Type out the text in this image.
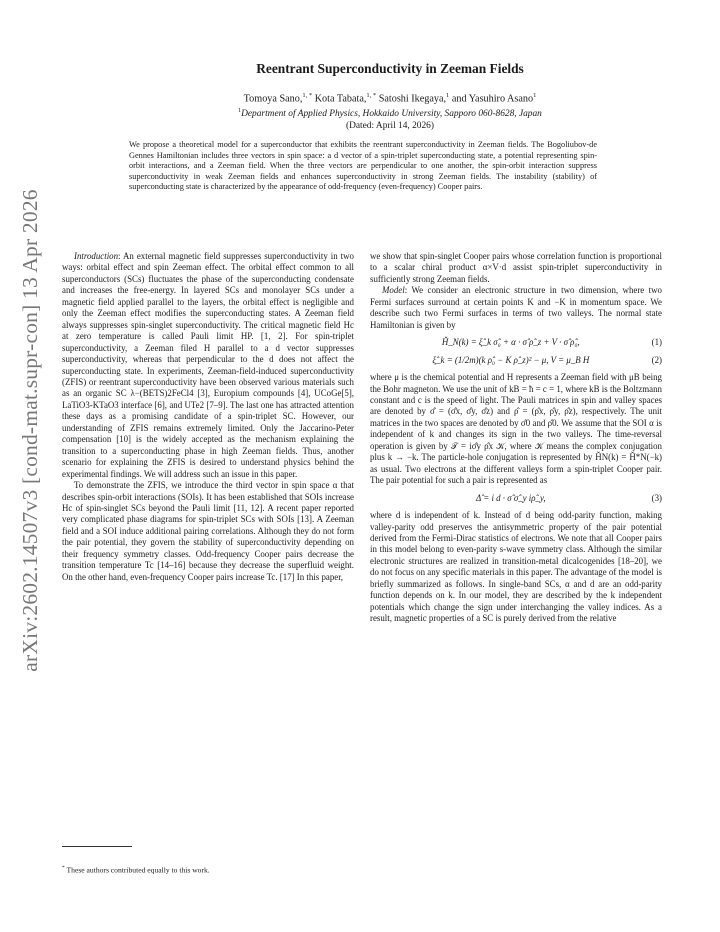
arXiv:2602.14507v3 [cond-mat.supr-con] 13 Apr 2026
Reentrant Superconductivity in Zeeman Fields
Tomoya Sano,$^{1, *}$ Kota Tabata,$^{1, *}$ Satoshi Ikegaya,$^1$ and Yasuhiro Asano$^1$
$^1$Department of Applied Physics, Hokkaido University, Sapporo 060-8628, Japan
(Dated: April 14, 2026)
We propose a theoretical model for a superconductor that exhibits the reentrant superconductivity in Zeeman fields. The Bogoliubov-de Gennes Hamiltonian includes three vectors in spin space: a d vector of a spin-triplet superconducting state, a potential representing spin-orbit interactions, and a Zeeman field. When the three vectors are perpendicular to one another, the spin-orbit interaction suppress superconductivity in weak Zeeman fields and enhances superconductivity in strong Zeeman fields. The instability (stability) of superconducting state is characterized by the appearance of odd-frequency (even-frequency) Cooper pairs.

Introduction: An external magnetic field suppresses superconductivity in two ways: orbital effect and spin Zeeman effect. The orbital effect common to all superconductors (SCs) fluctuates the phase of the superconducting condensate and increases the free-energy. In layered SCs and monolayer SCs under a magnetic field applied parallel to the layers, the orbital effect is negligible and only the Zeeman effect modifies the superconducting states. A Zeeman field always suppresses spin-singlet superconductivity. The critical magnetic field Hc at zero temperature is called Pauli limit HP. [1, 2]. For spin-triplet superconductivity, a Zeeman filed H parallel to a d vector suppresses superconductivity, whereas that perpendicular to the d does not affect the superconducting state. In experiments, Zeeman-field-induced superconductivity (ZFIS) or reentrant superconductivity have been observed various materials such as an organic SC λ−(BETS)2FeCl4 [3], Europium compounds [4], UCoGe[5], LaTiO3-KTaO3 interface [6], and UTe2 [7–9]. The last one has attracted attention these days as a promising candidate of a spin-triplet SC. However, our understanding of ZFIS remains extremely limited. Only the Jaccarino-Peter compensation [10] is the widely accepted as the mechanism explaining the transition to a superconducting phase in high Zeeman fields. Thus, another scenario for explaining the ZFIS is desired to understand physics behind the experimental findings. We will address such an issue in this paper.

To demonstrate the ZFIS, we introduce the third vector in spin space α that describes spin-orbit interactions (SOIs). It has been established that SOIs increase Hc of spin-singlet SCs beyond the Pauli limit [11, 12]. A recent paper reported very complicated phase diagrams for spin-triplet SCs with SOIs [13]. A Zeeman field and a SOI induce additional pairing correlations. Although they do not form the pair potential, they govern the stability of superconductivity depending on their frequency symmetry classes. Odd-frequency Cooper pairs decrease the transition temperature Tc [14–16] because they decrease the superfluid weight. On the other hand, even-frequency Cooper pairs increase Tc. [17] In this paper,

we show that spin-singlet Cooper pairs whose correlation function is proportional to a scalar chiral product α×V·d assist spin-triplet superconductivity in sufficiently strong Zeeman fields.

Model: We consider an electronic structure in two dimension, where two Fermi surfaces surround at certain points K and −K in momentum space. We describe such two Fermi surfaces in terms of two valleys. The normal state Hamiltonian is given by

Ȟ_N(k) = ξ̂_k σ̂₀ + α · σ̂ ρ̂_z + V · σ̂ ρ̂₀,	(1)
ξ̂_k = (1/2m)(k ρ̂₀ − K ρ̂_z)² − μ, V = μ_B H	(2)

where μ is the chemical potential and H represents a Zeeman field with μB being the Bohr magneton. We use the unit of kB = ħ = c = 1, where kB is the Boltzmann constant and c is the speed of light. The Pauli matrices in spin and valley spaces are denoted by σ̂ = (σ̂x, σ̂y, σ̂z) and ρ̂ = (ρ̂x, ρ̂y, ρ̂z), respectively. The unit matrices in the two spaces are denoted by σ̂0 and ρ̂0. We assume that the SOI α is independent of k and changes its sign in the two valleys. The time-reversal operation is given by 𝒯 = iσ̂y ρ̂x 𝒦, where 𝒦 means the complex conjugation plus k → −k. The particle-hole conjugation is represented by ȞN(k) = Ȟ*N(−k) as usual. Two electrons at the different valleys form a spin-triplet Cooper pair. The pair potential for such a pair is represented as

Δ̂ = i d · σ̂ σ̂_y iρ̂_y,	(3)

where d is independent of k. Instead of d being odd-parity function, making valley-parity odd preserves the antisymmetric property of the pair potential derived from the Fermi-Dirac statistics of electrons. We note that all Cooper pairs in this model belong to even-parity s-wave symmetry class. Although the similar electronic structures are realized in transition-metal dicalcogenides [18–20], we do not focus on any specific materials in this paper. The advantage of the model is briefly summarized as follows. In single-band SCs, α and d are an odd-parity function depends on k. In our model, they are described by the k independent potentials which change the sign under interchanging the valley indices. As a result, magnetic properties of a SC is purely derived from the relative

* These authors contributed equally to this work.
